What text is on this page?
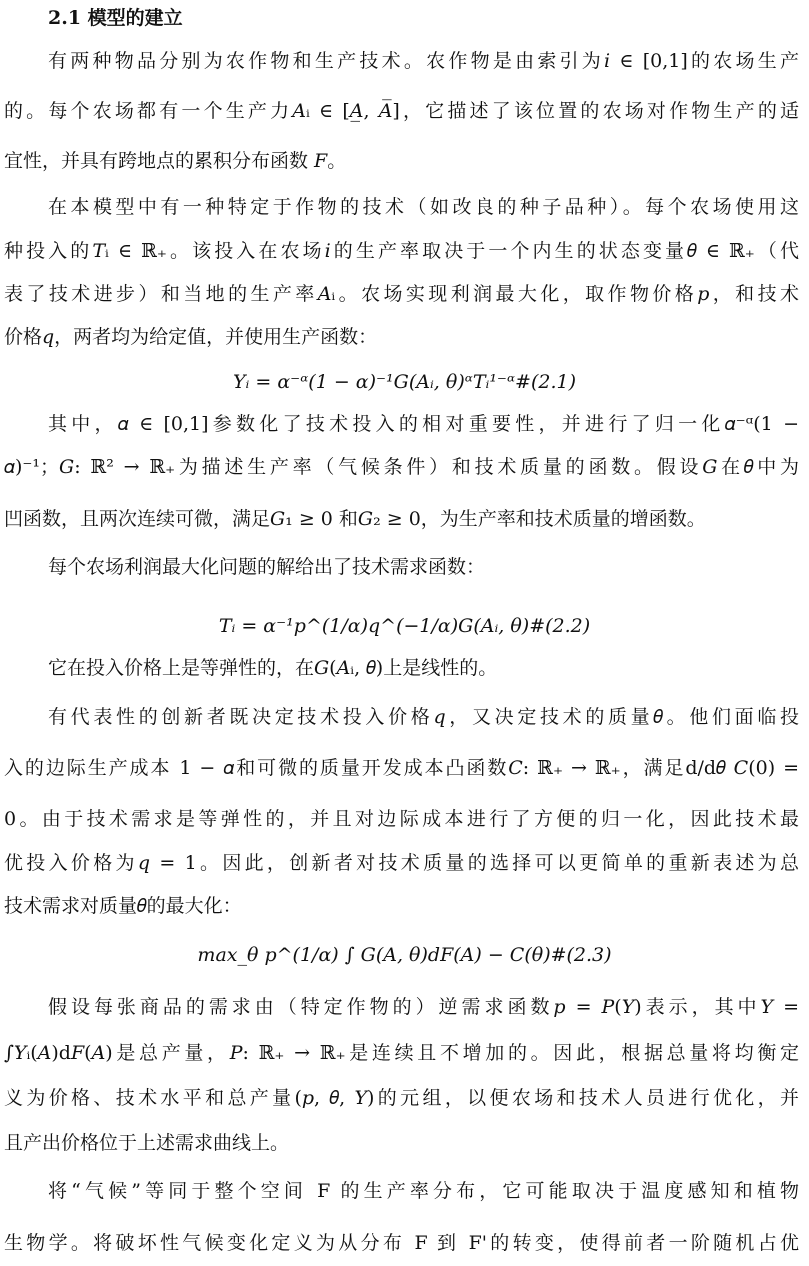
2.1 模型的建立
有两种物品分别为农作物和生产技术。农作物是由索引为𝑖 ∈ [0,1]的农场生产
的。每个农场都有一个生产力𝐴ᵢ ∈ [𝐴̲, 𝐴̅]，它描述了该位置的农场对作物生产的适
宜性，并具有跨地点的累积分布函数 𝐹。
在本模型中有一种特定于作物的技术（如改良的种子品种）。每个农场使用这
种投入的𝑇ᵢ ∈ ℝ₊。该投入在农场𝑖的生产率取决于一个内生的状态变量𝜃 ∈ ℝ₊（代
表了技术进步）和当地的生产率𝐴ᵢ。农场实现利润最大化，取作物价格𝑝，和技术
价格𝑞，两者均为给定值，并使用生产函数：
𝑌ᵢ = 𝛼⁻ᵅ(1 − 𝛼)⁻¹𝐺(𝐴ᵢ, 𝜃)ᵅ𝑇ᵢ¹⁻ᵅ#(2.1)
其中，𝛼 ∈ [0,1]参数化了技术投入的相对重要性，并进行了归一化𝛼⁻ᵅ(1 −
𝛼)⁻¹；𝐺: ℝ² → ℝ₊为描述生产率（气候条件）和技术质量的函数。假设𝐺在𝜃中为
凹函数，且两次连续可微，满足𝐺₁ ≥ 0 和𝐺₂ ≥ 0，为生产率和技术质量的增函数。
每个农场利润最大化问题的解给出了技术需求函数：
𝑇ᵢ = 𝛼⁻¹𝑝^(1/𝛼)𝑞^(−1/𝛼)𝐺(𝐴ᵢ, 𝜃)#(2.2)
它在投入价格上是等弹性的，在𝐺(𝐴ᵢ, 𝜃)上是线性的。
有代表性的创新者既决定技术投入价格𝑞，又决定技术的质量𝜃。他们面临投
入的边际生产成本 1 − 𝛼和可微的质量开发成本凸函数𝐶: ℝ₊ → ℝ₊，满足d/d𝜃 𝐶(0) =
0。由于技术需求是等弹性的，并且对边际成本进行了方便的归一化，因此技术最
优投入价格为𝑞 = 1。因此，创新者对技术质量的选择可以更简单的重新表述为总
技术需求对质量𝜃的最大化：
max_𝜃 𝑝^(1/𝛼) ∫ 𝐺(𝐴, 𝜃)d𝐹(𝐴) − 𝐶(𝜃)#(2.3)
假设每张商品的需求由（特定作物的）逆需求函数𝑝 = 𝑃(𝑌)表示，其中𝑌 =
∫𝑌ᵢ(𝐴)d𝐹(𝐴)是总产量，𝑃: ℝ₊ → ℝ₊是连续且不增加的。因此，根据总量将均衡定
义为价格、技术水平和总产量(𝑝, 𝜃, 𝑌)的元组，以便农场和技术人员进行优化，并
且产出价格位于上述需求曲线上。
将“气候”等同于整个空间 F 的生产率分布，它可能取决于温度感知和植物
生物学。将破坏性气候变化定义为从分布 F 到 F'的转变，使得前者一阶随机占优
